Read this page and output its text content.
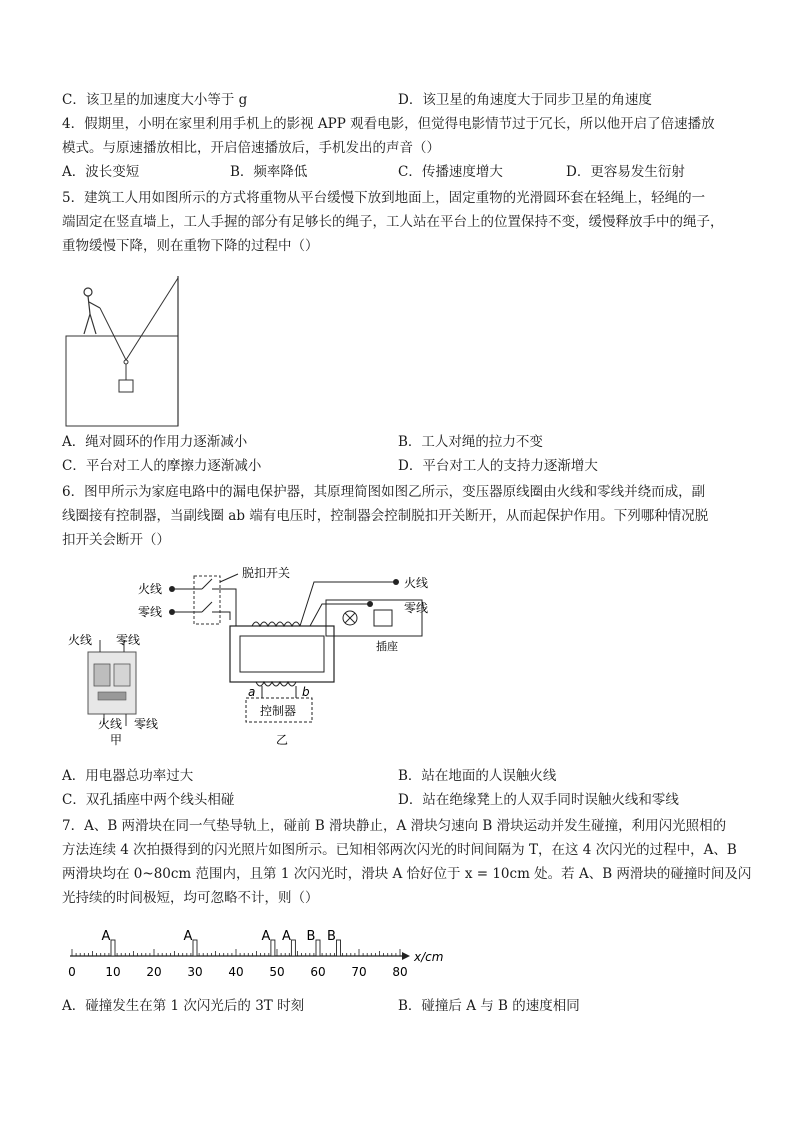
C．该卫星的加速度大小等于 g	D．该卫星的角速度大于同步卫星的角速度
4．假期里，小明在家里利用手机上的影视 APP 观看电影，但觉得电影情节过于冗长，所以他开启了倍速播放
模式。与原速播放相比，开启倍速播放后，手机发出的声音（）
A．波长变短	B．频率降低	C．传播速度增大	D．更容易发生衍射
5．建筑工人用如图所示的方式将重物从平台缓慢下放到地面上，固定重物的光滑圆环套在轻绳上，轻绳的一
端固定在竖直墙上，工人手握的部分有足够长的绳子，工人站在平台上的位置保持不变，缓慢释放手中的绳子，
重物缓慢下降，则在重物下降的过程中（）
A．绳对圆环的作用力逐渐减小	B．工人对绳的拉力不变
C．平台对工人的摩擦力逐渐减小	D．平台对工人的支持力逐渐增大
6．图甲所示为家庭电路中的漏电保护器，其原理简图如图乙所示，变压器原线圈由火线和零线并绕而成，副
线圈接有控制器，当副线圈 ab 端有电压时，控制器会控制脱扣开关断开，从而起保护作用。下列哪种情况脱
扣开关会断开（）
火线 零线
火线 零线
甲
火线
零线
脱扣开关
火线
零线
插座
a	b
控制器
乙
A．用电器总功率过大	B．站在地面的人误触火线
C．双孔插座中两个线头相碰	D．站在绝缘凳上的人双手同时误触火线和零线
7．A、B 两滑块在同一气垫导轨上，碰前 B 滑块静止，A 滑块匀速向 B 滑块运动并发生碰撞，利用闪光照相的
方法连续 4 次拍摄得到的闪光照片如图所示。已知相邻两次闪光的时间间隔为 T，在这 4 次闪光的过程中，A、B
两滑块均在 0~80cm 范围内，且第 1 次闪光时，滑块 A 恰好位于 x = 10cm 处。若 A、B 两滑块的碰撞时间及闪
光持续的时间极短，均可忽略不计，则（）
x/cm
0 10 20 30 40 50 60 70 80
A	A	A A B B
A．碰撞发生在第 1 次闪光后的 3T 时刻	B．碰撞后 A 与 B 的速度相同
